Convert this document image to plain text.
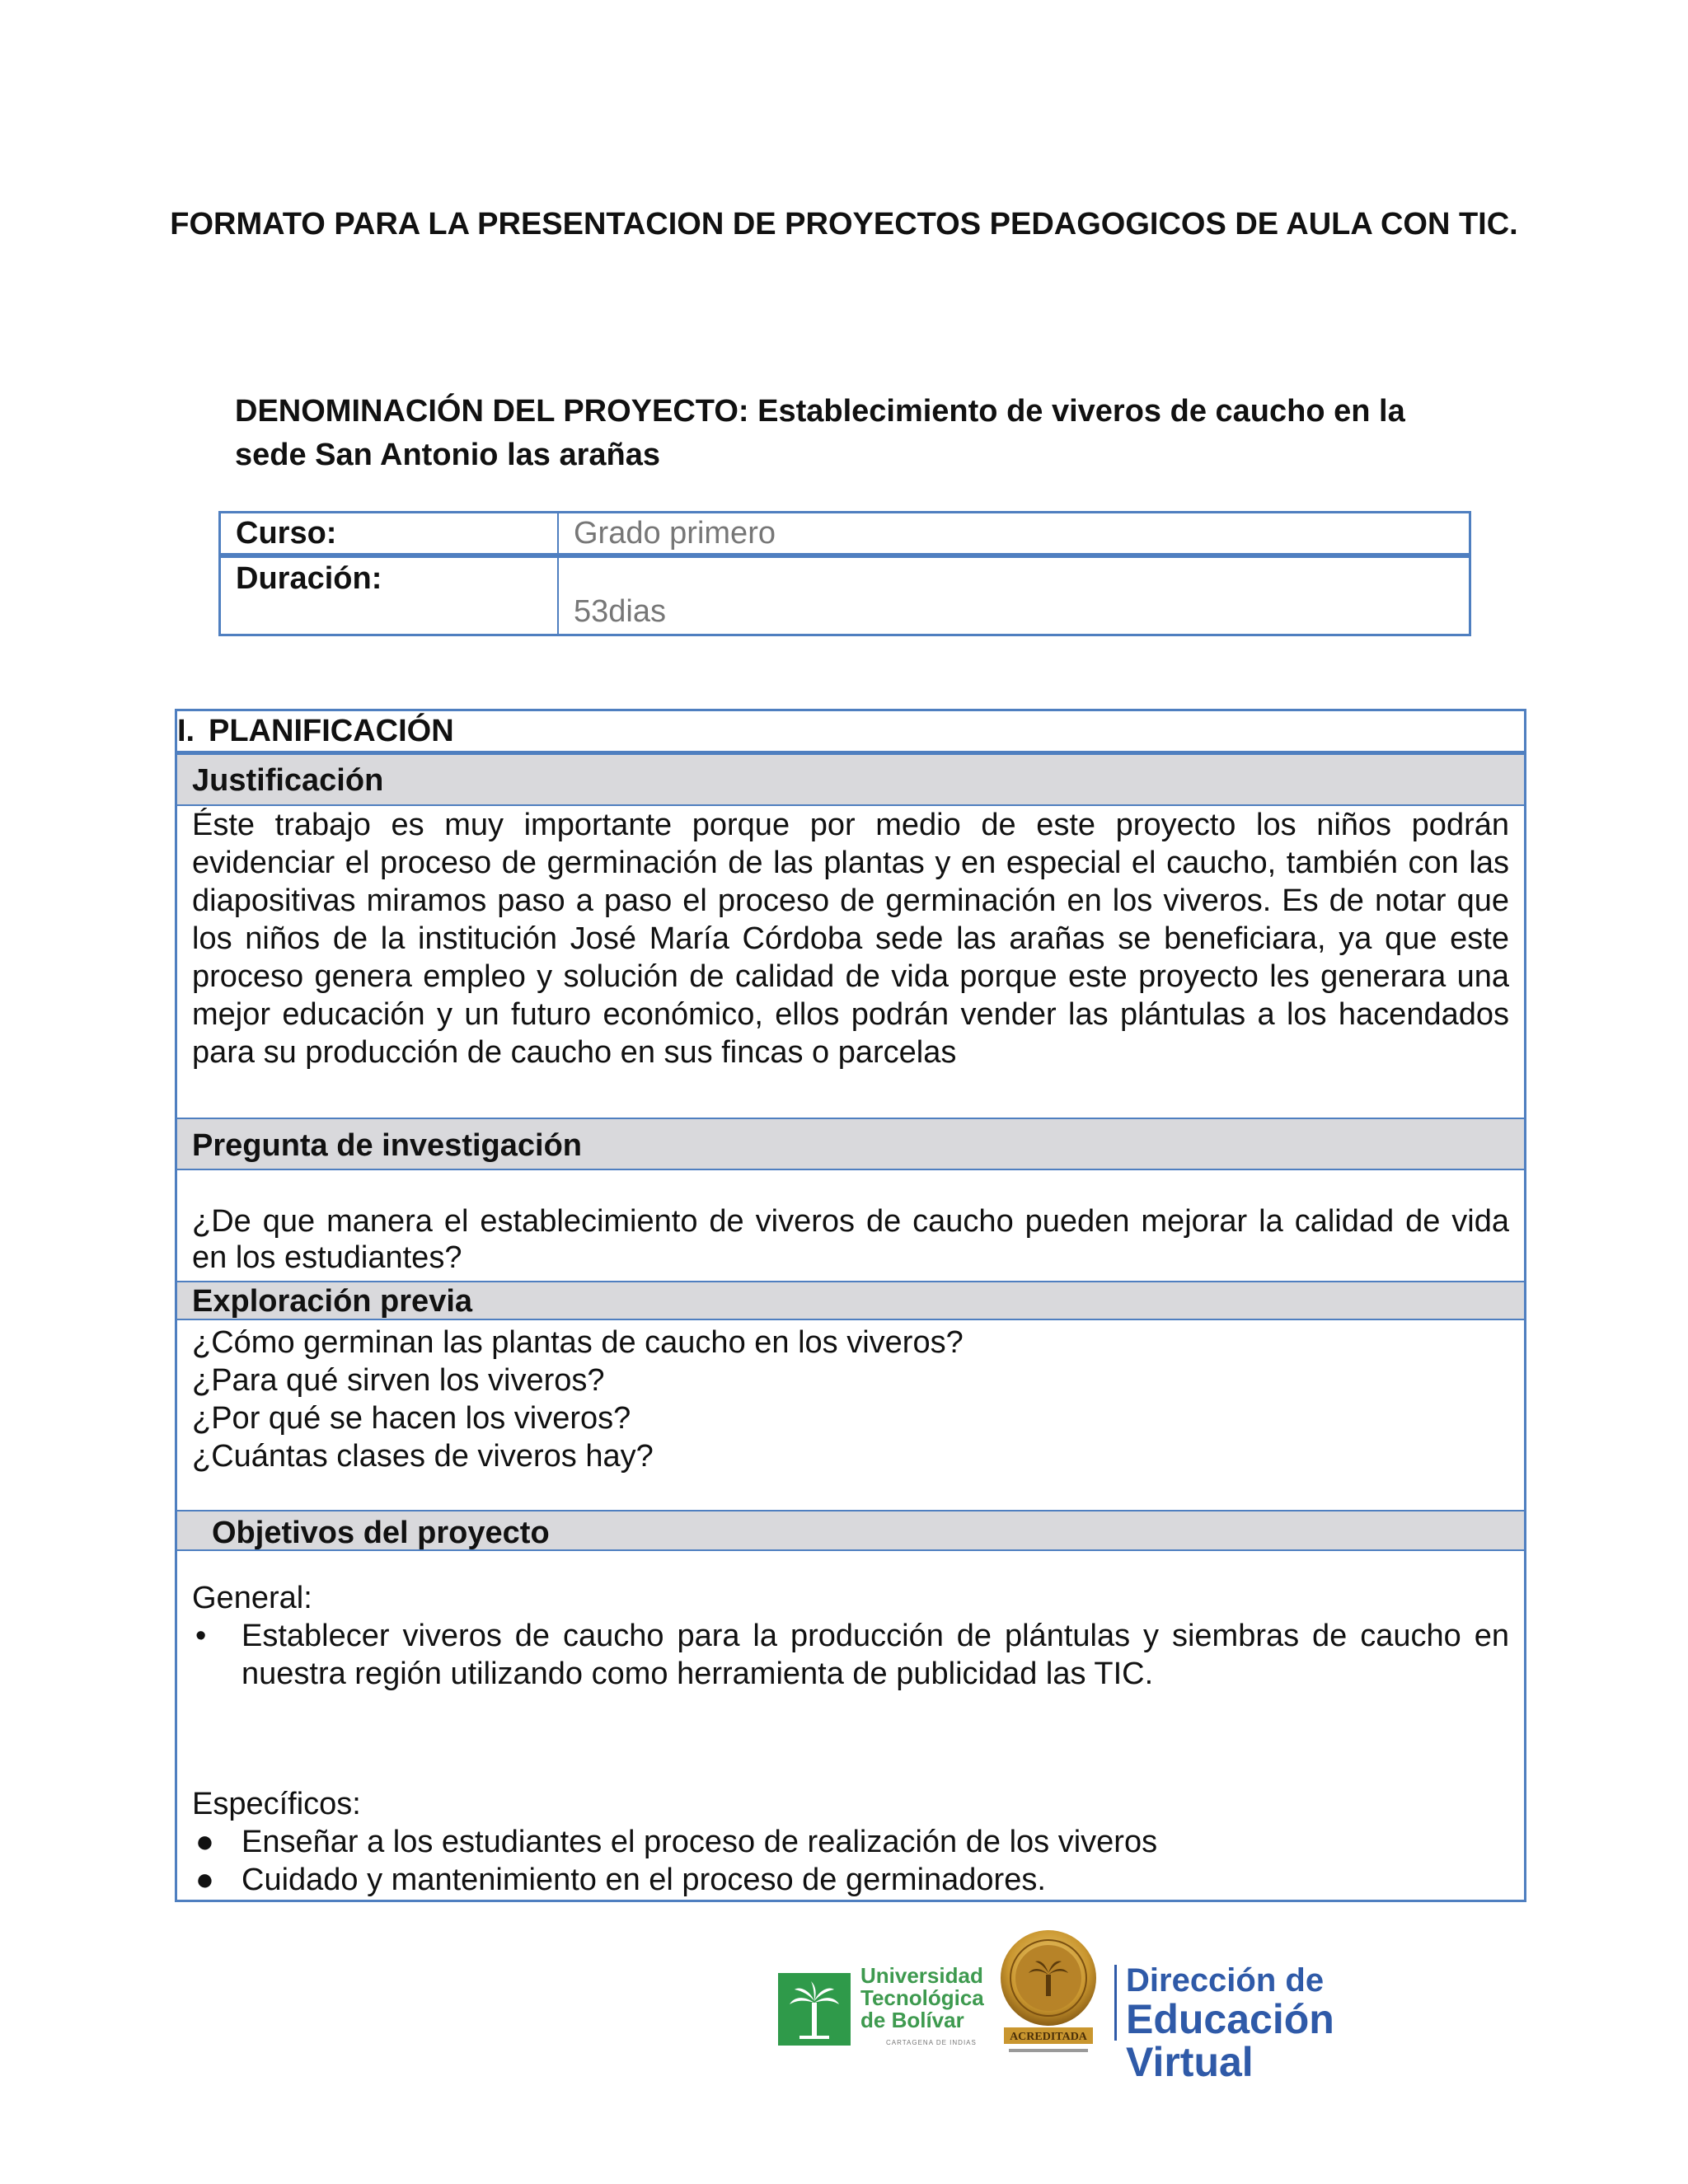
FORMATO PARA LA PRESENTACION DE PROYECTOS PEDAGOGICOS DE AULA CON TIC.

DENOMINACIÓN DEL PROYECTO: Establecimiento de viveros de caucho en la sede San Antonio las arañas

Curso:	Grado primero
Duración:
53dias
I. PLANIFICACIÓN
Justificación
Éste trabajo es muy importante porque por medio de este proyecto los niños podrán evidenciar el proceso de germinación de las plantas y en especial el caucho, también con las diapositivas miramos paso a paso el proceso de germinación en los viveros. Es de notar que los niños de la institución José María Córdoba sede las arañas se beneficiara, ya que este proceso genera empleo y solución de calidad de vida porque este proyecto les generara una mejor educación y un futuro económico, ellos podrán vender las plántulas a los hacendados para su producción de caucho en sus fincas o parcelas
Pregunta de investigación
¿De que manera el establecimiento de viveros de caucho pueden mejorar la calidad de vida en los estudiantes?
Exploración previa
¿Cómo germinan las plantas de caucho en los viveros?
¿Para qué sirven los viveros?
¿Por qué se hacen los viveros?
¿Cuántas clases de viveros hay?
Objetivos del proyecto
General:
•	Establecer viveros de caucho para la producción de plántulas y siembras de caucho en nuestra región utilizando como herramienta de publicidad las TIC.
Específicos:
● Enseñar a los estudiantes el proceso de realización de los viveros
● Cuidado y mantenimiento en el proceso de germinadores.
Universidad
Tecnológica
de Bolívar
CARTAGENA DE INDIAS	ACREDITADA
Dirección de
Educación Virtual
